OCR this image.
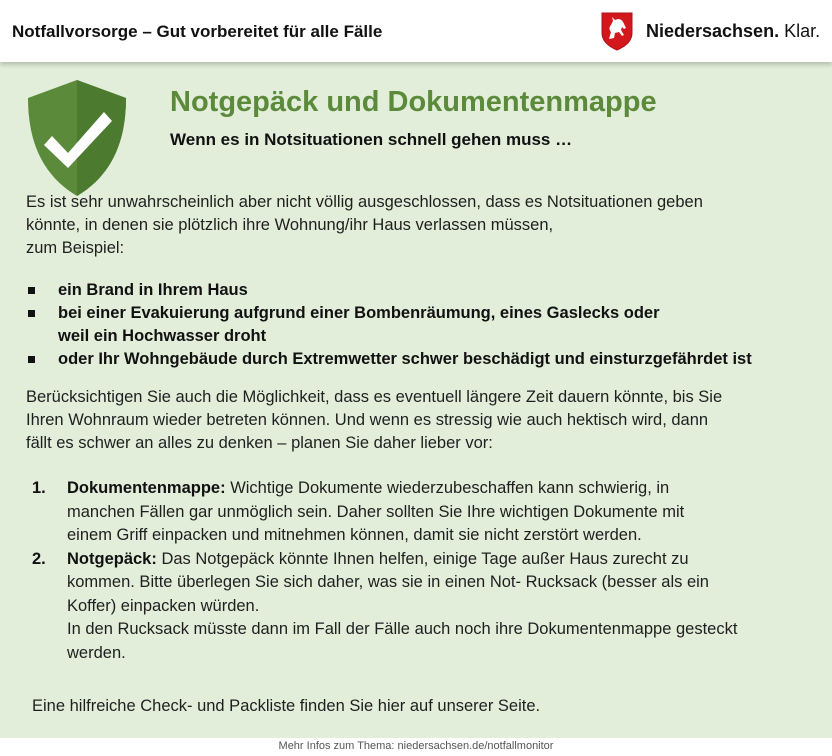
Notfallvorsorge – Gut vorbereitet für alle Fälle	Niedersachsen. Klar.
Notgepäck und Dokumentenmappe
Wenn es in Notsituationen schnell gehen muss …
Es ist sehr unwahrscheinlich aber nicht völlig ausgeschlossen, dass es Notsituationen geben
könnte, in denen sie plötzlich ihre Wohnung/ihr Haus verlassen müssen,
zum Beispiel:
ein Brand in Ihrem Haus
bei einer Evakuierung aufgrund einer Bombenräumung, eines Gaslecks oder
weil ein Hochwasser droht
oder Ihr Wohngebäude durch Extremwetter schwer beschädigt und einsturzgefährdet ist
Berücksichtigen Sie auch die Möglichkeit, dass es eventuell längere Zeit dauern könnte, bis Sie
Ihren Wohnraum wieder betreten können. Und wenn es stressig wie auch hektisch wird, dann
fällt es schwer an alles zu denken – planen Sie daher lieber vor:
1. Dokumentenmappe: Wichtige Dokumente wiederzubeschaffen kann schwierig, in
manchen Fällen gar unmöglich sein. Daher sollten Sie Ihre wichtigen Dokumente mit
einem Griff einpacken und mitnehmen können, damit sie nicht zerstört werden.
2. Notgepäck: Das Notgepäck könnte Ihnen helfen, einige Tage außer Haus zurecht zu
kommen. Bitte überlegen Sie sich daher, was sie in einen Not- Rucksack (besser als ein
Koffer) einpacken würden.
In den Rucksack müsste dann im Fall der Fälle auch noch ihre Dokumentenmappe gesteckt
werden.
Eine hilfreiche Check- und Packliste finden Sie hier auf unserer Seite.
Mehr Infos zum Thema: niedersachsen.de/notfallmonitor
